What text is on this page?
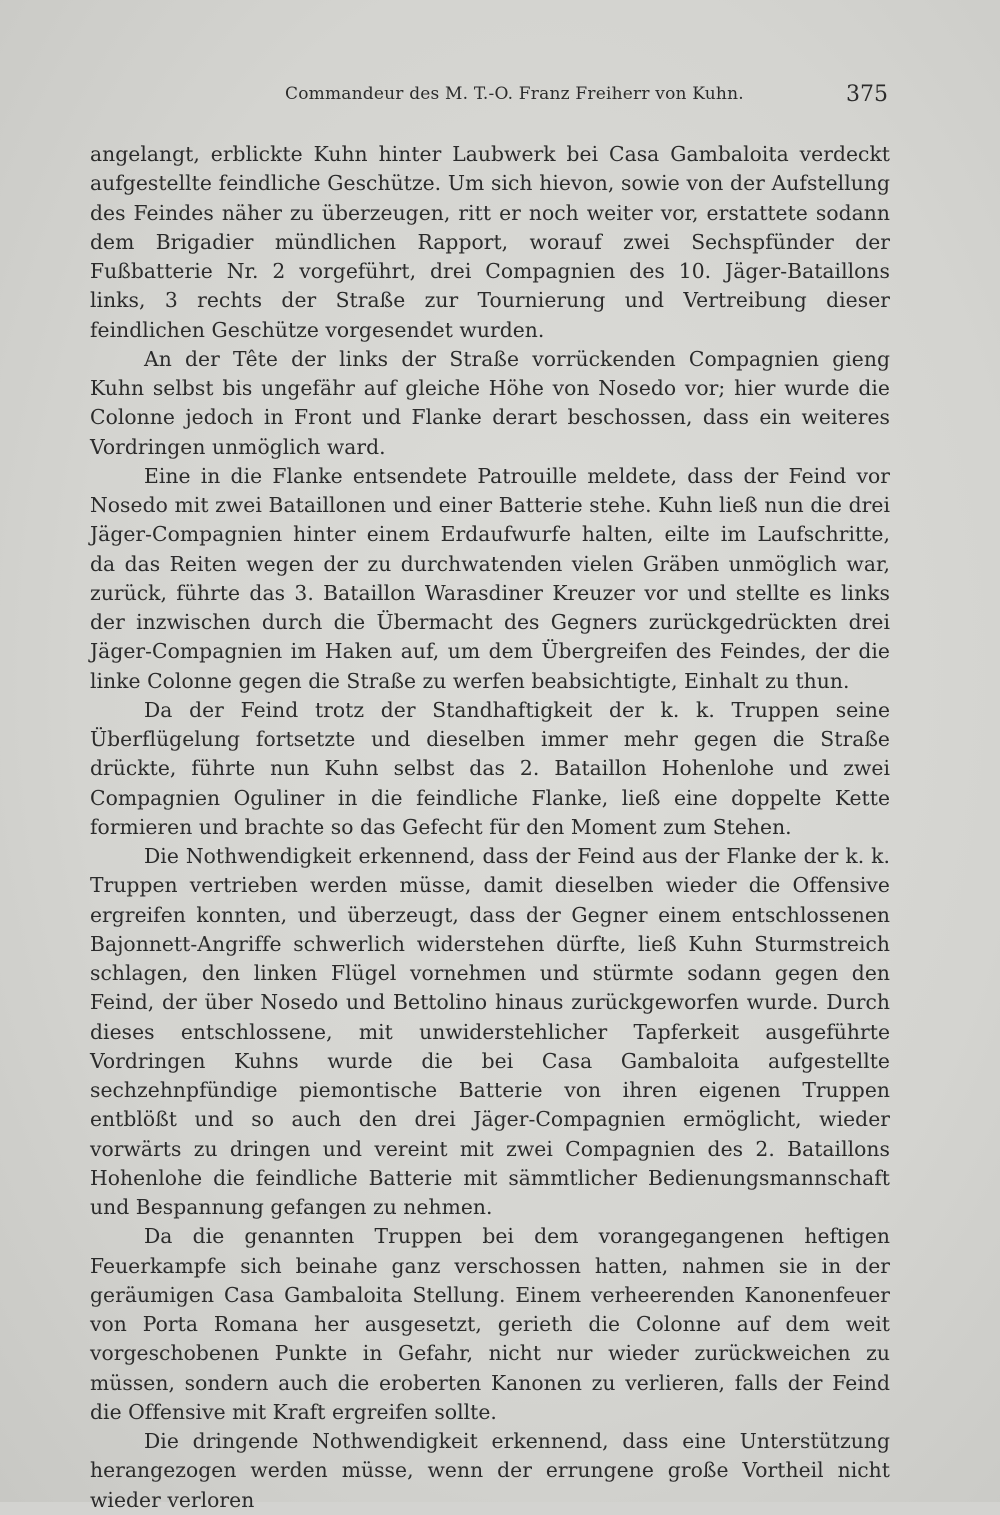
Commandeur des M. T.-O. Franz Freiherr von Kuhn.	375

angelangt, erblickte Kuhn hinter Laubwerk bei Casa Gambaloita verdeckt aufgestellte feindliche Geschütze. Um sich hievon, sowie von der Aufstellung des Feindes näher zu überzeugen, ritt er noch weiter vor, erstattete sodann dem Brigadier mündlichen Rapport, worauf zwei Sechspfünder der Fußbatterie Nr. 2 vorgeführt, drei Compagnien des 10. Jäger-Bataillons links, 3 rechts der Straße zur Tournierung und Vertreibung dieser feindlichen Geschütze vorgesendet wurden.

An der Tête der links der Straße vorrückenden Compagnien gieng Kuhn selbst bis ungefähr auf gleiche Höhe von Nosedo vor; hier wurde die Colonne jedoch in Front und Flanke derart beschossen, dass ein weiteres Vordringen unmöglich ward.

Eine in die Flanke entsendete Patrouille meldete, dass der Feind vor Nosedo mit zwei Bataillonen und einer Batterie stehe. Kuhn ließ nun die drei Jäger-Compagnien hinter einem Erdaufwurfe halten, eilte im Laufschritte, da das Reiten wegen der zu durchwatenden vielen Gräben unmöglich war, zurück, führte das 3. Bataillon Warasdiner Kreuzer vor und stellte es links der inzwischen durch die Übermacht des Gegners zurückgedrückten drei Jäger-Compagnien im Haken auf, um dem Übergreifen des Feindes, der die linke Colonne gegen die Straße zu werfen beabsichtigte, Einhalt zu thun.

Da der Feind trotz der Standhaftigkeit der k. k. Truppen seine Überflügelung fortsetzte und dieselben immer mehr gegen die Straße drückte, führte nun Kuhn selbst das 2. Bataillon Hohenlohe und zwei Compagnien Oguliner in die feindliche Flanke, ließ eine doppelte Kette formieren und brachte so das Gefecht für den Moment zum Stehen.

Die Nothwendigkeit erkennend, dass der Feind aus der Flanke der k. k. Truppen vertrieben werden müsse, damit dieselben wieder die Offensive ergreifen konnten, und überzeugt, dass der Gegner einem entschlossenen Bajonnett-Angriffe schwerlich widerstehen dürfte, ließ Kuhn Sturmstreich schlagen, den linken Flügel vornehmen und stürmte sodann gegen den Feind, der über Nosedo und Bettolino hinaus zurückgeworfen wurde. Durch dieses entschlossene, mit unwiderstehlicher Tapferkeit ausgeführte Vordringen Kuhns wurde die bei Casa Gambaloita aufgestellte sechzehnpfündige piemontische Batterie von ihren eigenen Truppen entblößt und so auch den drei Jäger-Compagnien ermöglicht, wieder vorwärts zu dringen und vereint mit zwei Compagnien des 2. Bataillons Hohenlohe die feindliche Batterie mit sämmtlicher Bedienungsmannschaft und Bespannung gefangen zu nehmen.

Da die genannten Truppen bei dem vorangegangenen heftigen Feuerkampfe sich beinahe ganz verschossen hatten, nahmen sie in der geräumigen Casa Gambaloita Stellung. Einem verheerenden Kanonenfeuer von Porta Romana her ausgesetzt, gerieth die Colonne auf dem weit vorgeschobenen Punkte in Gefahr, nicht nur wieder zurückweichen zu müssen, sondern auch die eroberten Kanonen zu verlieren, falls der Feind die Offensive mit Kraft ergreifen sollte.

Die dringende Nothwendigkeit erkennend, dass eine Unterstützung herangezogen werden müsse, wenn der errungene große Vortheil nicht wieder verloren
